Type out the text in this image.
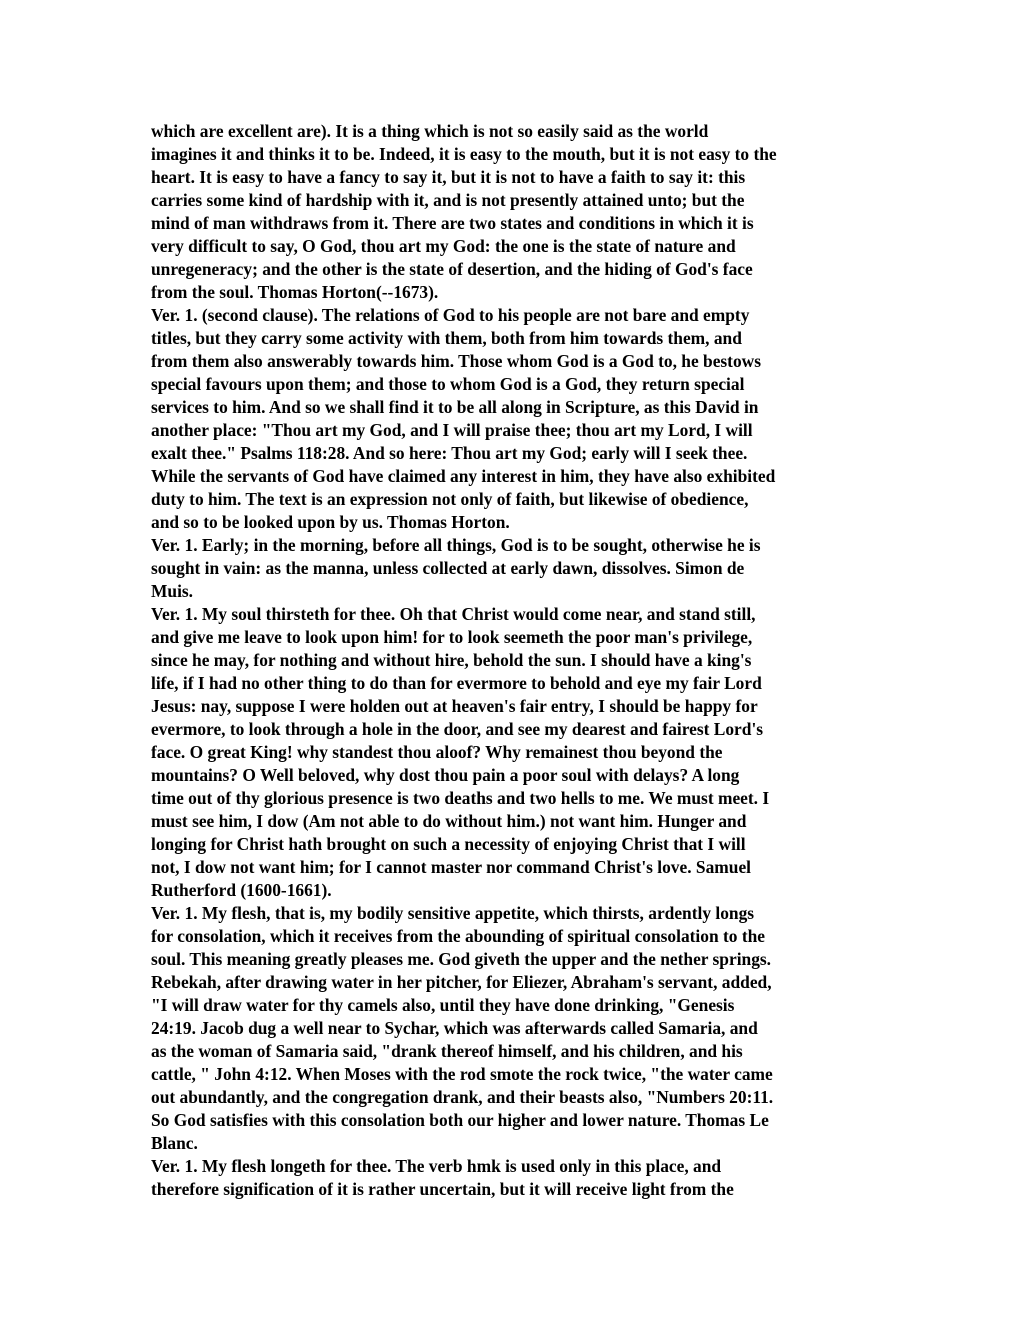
which are excellent are). It is a thing which is not so easily said as the world
imagines it and thinks it to be. Indeed, it is easy to the mouth, but it is not easy to the
heart. It is easy to have a fancy to say it, but it is not to have a faith to say it: this
carries some kind of hardship with it, and is not presently attained unto; but the
mind of man withdraws from it. There are two states and conditions in which it is
very difficult to say, O God, thou art my God: the one is the state of nature and
unregeneracy; and the other is the state of desertion, and the hiding of God's face
from the soul. Thomas Horton(--1673).
Ver. 1. (second clause). The relations of God to his people are not bare and empty
titles, but they carry some activity with them, both from him towards them, and
from them also answerably towards him. Those whom God is a God to, he bestows
special favours upon them; and those to whom God is a God, they return special
services to him. And so we shall find it to be all along in Scripture, as this David in
another place: "Thou art my God, and I will praise thee; thou art my Lord, I will
exalt thee." Psalms 118:28. And so here: Thou art my God; early will I seek thee.
While the servants of God have claimed any interest in him, they have also exhibited
duty to him. The text is an expression not only of faith, but likewise of obedience,
and so to be looked upon by us. Thomas Horton.
Ver. 1. Early; in the morning, before all things, God is to be sought, otherwise he is
sought in vain: as the manna, unless collected at early dawn, dissolves. Simon de
Muis.
Ver. 1. My soul thirsteth for thee. Oh that Christ would come near, and stand still,
and give me leave to look upon him! for to look seemeth the poor man's privilege,
since he may, for nothing and without hire, behold the sun. I should have a king's
life, if I had no other thing to do than for evermore to behold and eye my fair Lord
Jesus: nay, suppose I were holden out at heaven's fair entry, I should be happy for
evermore, to look through a hole in the door, and see my dearest and fairest Lord's
face. O great King! why standest thou aloof? Why remainest thou beyond the
mountains? O Well beloved, why dost thou pain a poor soul with delays? A long
time out of thy glorious presence is two deaths and two hells to me. We must meet. I
must see him, I dow (Am not able to do without him.) not want him. Hunger and
longing for Christ hath brought on such a necessity of enjoying Christ that I will
not, I dow not want him; for I cannot master nor command Christ's love. Samuel
Rutherford (1600-1661).
Ver. 1. My flesh, that is, my bodily sensitive appetite, which thirsts, ardently longs
for consolation, which it receives from the abounding of spiritual consolation to the
soul. This meaning greatly pleases me. God giveth the upper and the nether springs.
Rebekah, after drawing water in her pitcher, for Eliezer, Abraham's servant, added,
"I will draw water for thy camels also, until they have done drinking, "Genesis
24:19. Jacob dug a well near to Sychar, which was afterwards called Samaria, and
as the woman of Samaria said, "drank thereof himself, and his children, and his
cattle, " John 4:12. When Moses with the rod smote the rock twice, "the water came
out abundantly, and the congregation drank, and their beasts also, "Numbers 20:11.
So God satisfies with this consolation both our higher and lower nature. Thomas Le
Blanc.
Ver. 1. My flesh longeth for thee. The verb hmk is used only in this place, and
therefore signification of it is rather uncertain, but it will receive light from the
